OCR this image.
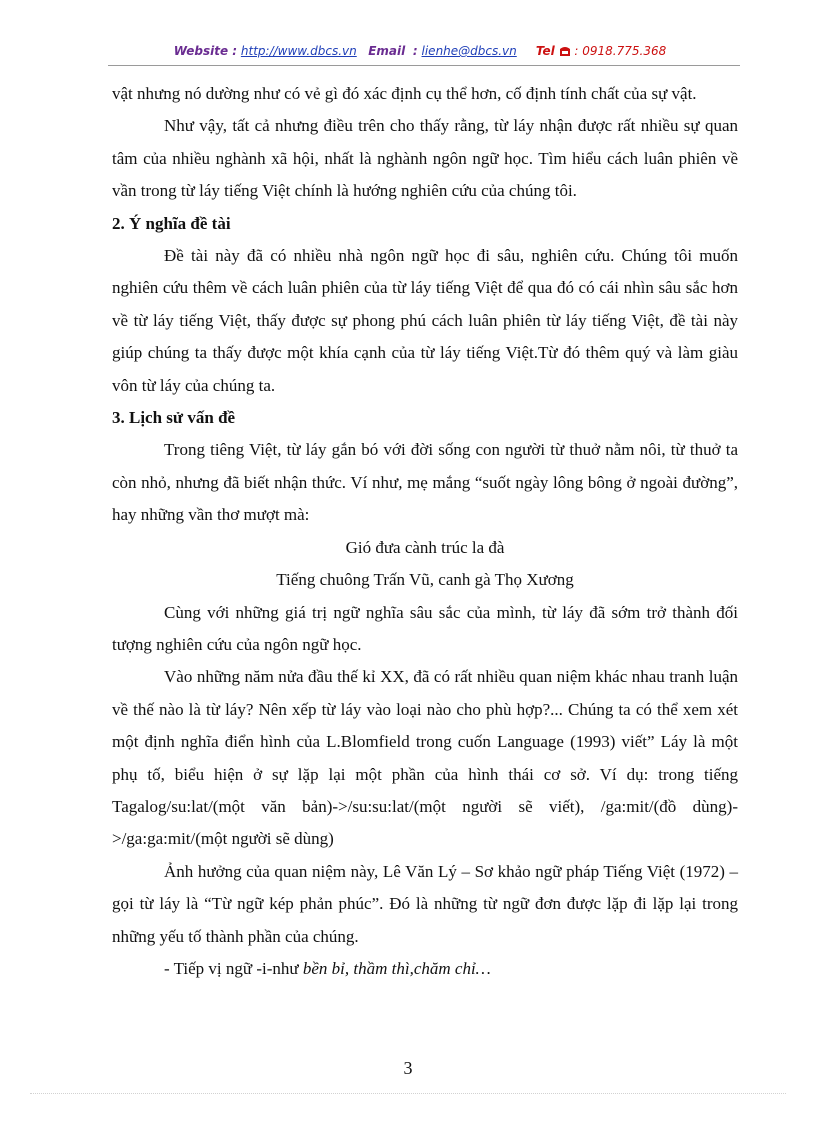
Website : http://www.dbcs.vn Email : lienhe@dbcs.vn Tel : 0918.775.368

vật nhưng nó dường như có vẻ gì đó xác định cụ thể hơn, cố định tính chất của sự vật.

Như vậy, tất cả nhưng điều trên cho thấy rằng, từ láy nhận được rất nhiều sự quan tâm của nhiều nghành xã hội, nhất là nghành ngôn ngữ học. Tìm hiểu cách luân phiên về vần trong từ láy tiếng Việt chính là hướng nghiên cứu của chúng tôi.

2. Ý nghĩa đề tài

Đề tài này đã có nhiều nhà ngôn ngữ học đi sâu, nghiên cứu. Chúng tôi muốn nghiên cứu thêm về cách luân phiên của từ láy tiếng Việt để qua đó có cái nhìn sâu sắc hơn về từ láy tiếng Việt, thấy được sự phong phú cách luân phiên từ láy tiếng Việt, đề tài này giúp chúng ta thấy được một khía cạnh của từ láy tiếng Việt.Từ đó thêm quý và làm giàu vôn từ láy của chúng ta.

3. Lịch sử vấn đề

Trong tiêng Việt, từ láy gắn bó với đời sống con người từ thuở nằm nôi, từ thuở ta còn nhỏ, nhưng đã biết nhận thức. Ví như, mẹ mắng “suốt ngày lông bông ở ngoài đường”, hay những vần thơ mượt mà:

Gió đưa cành trúc la đà

Tiếng chuông Trấn Vũ, canh gà Thọ Xương

Cùng với những giá trị ngữ nghĩa sâu sắc của mình, từ láy đã sớm trở thành đối tượng nghiên cứu của ngôn ngữ học.

Vào những năm nửa đầu thế kỉ XX, đã có rất nhiều quan niệm khác nhau tranh luận về thế nào là từ láy? Nên xếp từ láy vào loại nào cho phù hợp?... Chúng ta có thể xem xét một định nghĩa điển hình của L.Blomfield trong cuốn Language (1993) viết” Láy là một phụ tố, biểu hiện ở sự lặp lại một phần của hình thái cơ sở. Ví dụ: trong tiếng Tagalog/su:lat/(một văn bản)->/su:su:lat/(một người sẽ viết), /ga:mit/(đồ dùng)->/ga:ga:mit/(một người sẽ dùng)

Ảnh hưởng của quan niệm này, Lê Văn Lý – Sơ khảo ngữ pháp Tiếng Việt (1972) – gọi từ láy là “Từ ngữ kép phản phúc”. Đó là những từ ngữ đơn được lặp đi lặp lại trong những yếu tố thành phần của chúng.

- Tiếp vị ngữ -i-như bền bỉ, thầm thì,chăm chỉ…

3
